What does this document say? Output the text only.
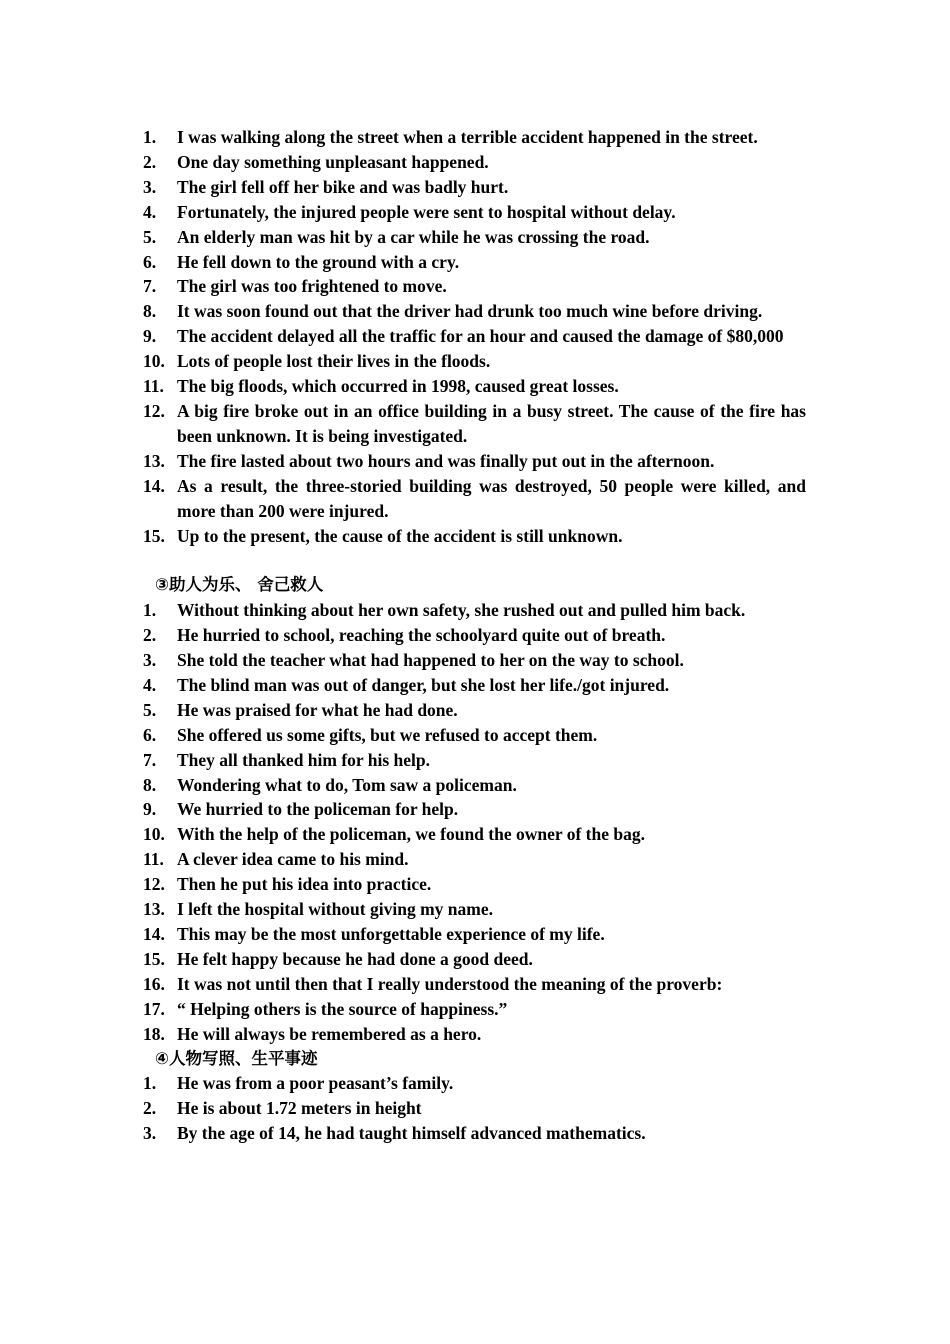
1.	I was walking along the street when a terrible accident happened in the street.
2.	One day something unpleasant happened.
3.	The girl fell off her bike and was badly hurt.
4.	Fortunately, the injured people were sent to hospital without delay.
5.	An elderly man was hit by a car while he was crossing the road.
6.	He fell down to the ground with a cry.
7.	The girl was too frightened to move.
8.	It was soon found out that the driver had drunk too much wine before driving.
9.	The accident delayed all the traffic for an hour and caused the damage of $80,000
10. Lots of people lost their lives in the floods.
11. The big floods, which occurred in 1998, caused great losses.
12. A big fire broke out in an office building in a busy street. The cause of the fire has been unknown. It is being investigated.
13. The fire lasted about two hours and was finally put out in the afternoon.
14. As a result, the three-storied building was destroyed, 50 people were killed, and more than 200 were injured.
15. Up to the present, the cause of the accident is still unknown.
③助人为乐、 舍己救人
1.	Without thinking about her own safety, she rushed out and pulled him back.
2.	He hurried to school, reaching the schoolyard quite out of breath.
3.	She told the teacher what had happened to her on the way to school.
4.	The blind man was out of danger, but she lost her life./got injured.
5.	He was praised for what he had done.
6.	She offered us some gifts, but we refused to accept them.
7.	They all thanked him for his help.
8.	Wondering what to do, Tom saw a policeman.
9.	We hurried to the policeman for help.
10. With the help of the policeman, we found the owner of the bag.
11. A clever idea came to his mind.
12. Then he put his idea into practice.
13. I left the hospital without giving my name.
14. This may be the most unforgettable experience of my life.
15. He felt happy because he had done a good deed.
16. It was not until then that I really understood the meaning of the proverb:
17. “ Helping others is the source of happiness.”
18. He will always be remembered as a hero.
④人物写照、生平事迹
1.	He was from a poor peasant’s family.
2.	He is about 1.72 meters in height
3.	By the age of 14, he had taught himself advanced mathematics.
